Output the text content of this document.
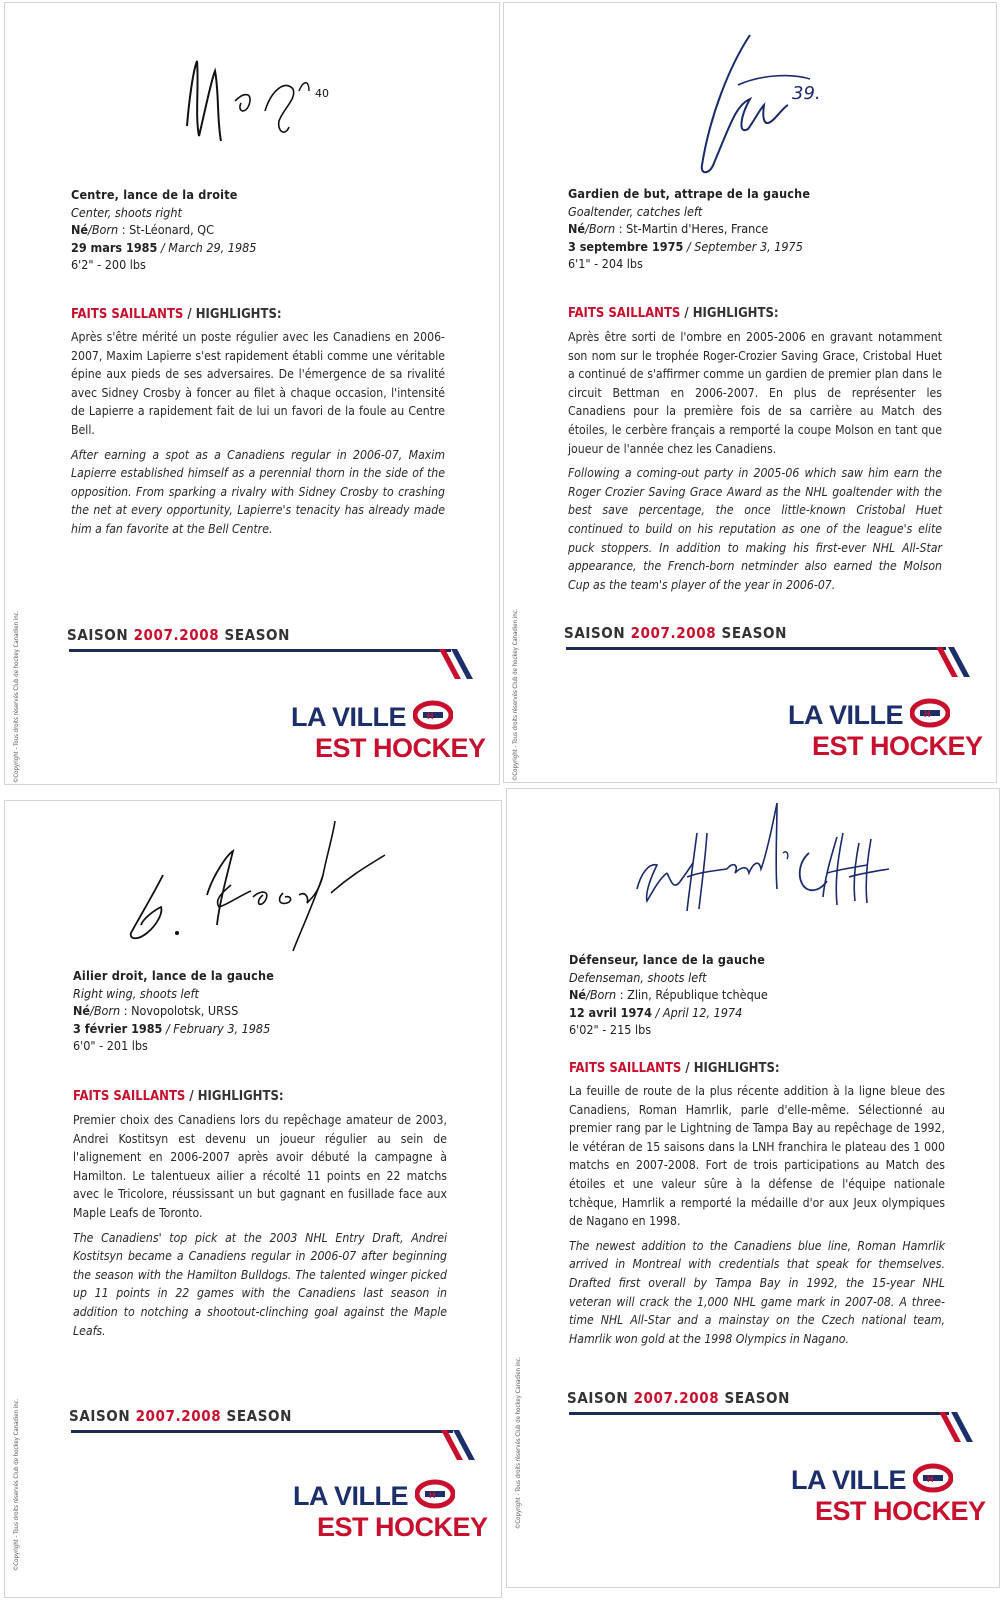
40
Centre, lance de la droite
Center, shoots right
Né/Born : St-Léonard, QC
29 mars 1985 / March 29, 1985
6'2" - 200 lbs
FAITS SAILLANTS / HIGHLIGHTS:

Après s'être mérité un poste régulier avec les Canadiens en 2006-2007, Maxim Lapierre s'est rapidement établi comme une véritable épine aux pieds de ses adversaires. De l'émergence de sa rivalité avec Sidney Crosby à foncer au filet à chaque occasion, l'intensité de Lapierre a rapidement fait de lui un favori de la foule au Centre Bell.

After earning a spot as a Canadiens regular in 2006-07, Maxim Lapierre established himself as a perennial thorn in the side of the opposition. From sparking a rivalry with Sidney Crosby to crashing the net at every opportunity, Lapierre's tenacity has already made him a fan favorite at the Bell Centre.

SAISON 2007.2008 SEASON
LA VILLE H
EST HOCKEY
©Copyright - Tous droits réservés Club de hockey Canadien inc.
39.
Gardien de but, attrape de la gauche
Goaltender, catches left
Né/Born : St-Martin d'Heres, France
3 septembre 1975 / September 3, 1975
6'1" - 204 lbs
FAITS SAILLANTS / HIGHLIGHTS:

Après être sorti de l'ombre en 2005-2006 en gravant notamment son nom sur le trophée Roger-Crozier Saving Grace, Cristobal Huet a continué de s'affirmer comme un gardien de premier plan dans le circuit Bettman en 2006-2007. En plus de représenter les Canadiens pour la première fois de sa carrière au Match des étoiles, le cerbère français a remporté la coupe Molson en tant que joueur de l'année chez les Canadiens.

Following a coming-out party in 2005-06 which saw him earn the Roger Crozier Saving Grace Award as the NHL goaltender with the best save percentage, the once little-known Cristobal Huet continued to build on his reputation as one of the league's elite puck stoppers. In addition to making his first-ever NHL All-Star appearance, the French-born netminder also earned the Molson Cup as the team's player of the year in 2006-07.

SAISON 2007.2008 SEASON
LA VILLE H
EST HOCKEY
©Copyright - Tous droits réservés Club de hockey Canadien inc.
Ailier droit, lance de la gauche
Right wing, shoots left
Né/Born : Novopolotsk, URSS
3 février 1985 / February 3, 1985
6'0" - 201 lbs
FAITS SAILLANTS / HIGHLIGHTS:

Premier choix des Canadiens lors du repêchage amateur de 2003, Andrei Kostitsyn est devenu un joueur régulier au sein de l'alignement en 2006-2007 après avoir débuté la campagne à Hamilton. Le talentueux ailier a récolté 11 points en 22 matchs avec le Tricolore, réussissant un but gagnant en fusillade face aux Maple Leafs de Toronto.

The Canadiens' top pick at the 2003 NHL Entry Draft, Andrei Kostitsyn became a Canadiens regular in 2006-07 after beginning the season with the Hamilton Bulldogs. The talented winger picked up 11 points in 22 games with the Canadiens last season in addition to notching a shootout-clinching goal against the Maple Leafs.

SAISON 2007.2008 SEASON
LA VILLE H
EST HOCKEY
©Copyright - Tous droits réservés Club de hockey Canadien inc.
Défenseur, lance de la gauche
Defenseman, shoots left
Né/Born : Zlin, République tchèque
12 avril 1974 / April 12, 1974
6'02" - 215 lbs
FAITS SAILLANTS / HIGHLIGHTS:

La feuille de route de la plus récente addition à la ligne bleue des Canadiens, Roman Hamrlik, parle d'elle-même. Sélectionné au premier rang par le Lightning de Tampa Bay au repêchage de 1992, le vétéran de 15 saisons dans la LNH franchira le plateau des 1 000 matchs en 2007-2008. Fort de trois participations au Match des étoiles et une valeur sûre à la défense de l'équipe nationale tchèque, Hamrlik a remporté la médaille d'or aux Jeux olympiques de Nagano en 1998.

The newest addition to the Canadiens blue line, Roman Hamrlik arrived in Montreal with credentials that speak for themselves. Drafted first overall by Tampa Bay in 1992, the 15-year NHL veteran will crack the 1,000 NHL game mark in 2007-08. A three-time NHL All-Star and a mainstay on the Czech national team, Hamrlik won gold at the 1998 Olympics in Nagano.

SAISON 2007.2008 SEASON
LA VILLE H
EST HOCKEY
©Copyright - Tous droits réservés Club de hockey Canadien inc.
